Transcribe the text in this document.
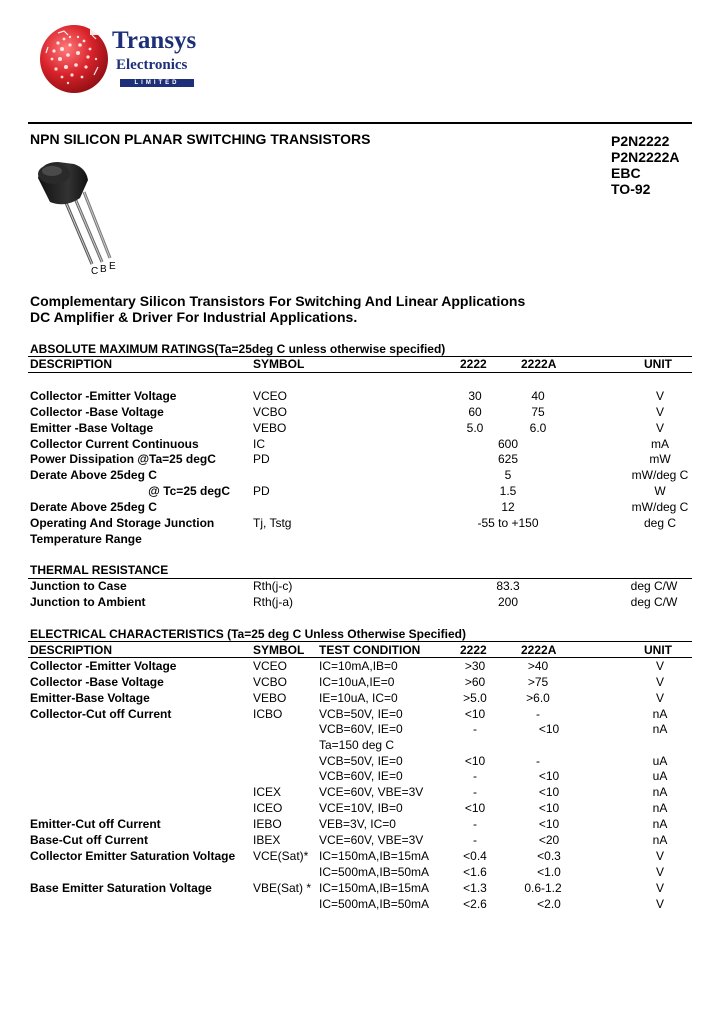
Transys
Electronics
LIMITED
NPN SILICON PLANAR SWITCHING TRANSISTORS	P2N2222
P2N2222A
EBC
TO-92
C B E
Complementary Silicon Transistors For Switching And Linear Applications
DC Amplifier & Driver For Industrial Applications.
ABSOLUTE MAXIMUM RATINGS(Ta=25deg C unless otherwise specified)
DESCRIPTION	SYMBOL	2222	2222A	UNIT
Collector -Emitter Voltage	VCEO	30	40	V
Collector -Base Voltage	VCBO	60	75	V
Emitter -Base Voltage	VEBO	5.0	6.0	V
Collector Current Continuous	IC	600	mA
Power Dissipation @Ta=25 degC	PD	625	mW
Derate Above 25deg C	5	mW/deg C
@ Tc=25 degC PD	1.5	W
Derate Above 25deg C	12	mW/deg C
Operating And Storage Junction	Tj, Tstg	-55 to +150	deg C
Temperature Range
THERMAL RESISTANCE
Junction to Case	Rth(j-c)	83.3	deg C/W
Junction to Ambient	Rth(j-a)	200	deg C/W
ELECTRICAL CHARACTERISTICS (Ta=25 deg C Unless Otherwise Specified)
DESCRIPTION	SYMBOL TEST CONDITION	2222	2222A	UNIT
Collector -Emitter Voltage	VCEO	IC=10mA,IB=0	>30	>40	V
Collector -Base Voltage	VCBO	IC=10uA,IE=0	>60	>75	V
Emitter-Base Voltage	VEBO	IE=10uA, IC=0	>5.0	>6.0	V
Collector-Cut off Current	ICBO	VCB=50V, IE=0	<10	-	nA
VCB=60V, IE=0	-	<10	nA
Ta=150 deg C
VCB=50V, IE=0	<10	-	uA
VCB=60V, IE=0	-	<10	uA
ICEX	VCE=60V, VBE=3V	-	<10	nA
ICEO	VCE=10V, IB=0	<10	<10	nA
Emitter-Cut off Current	IEBO	VEB=3V, IC=0	-	<10	nA
Base-Cut off Current	IBEX	VCE=60V, VBE=3V	-	<20	nA
Collector Emitter Saturation Voltage VCE(Sat)* IC=150mA,IB=15mA	<0.4	<0.3	V
IC=500mA,IB=50mA	<1.6	<1.0	V
Base Emitter Saturation Voltage	VBE(Sat) * IC=150mA,IB=15mA	<1.3	0.6-1.2	V
IC=500mA,IB=50mA	<2.6	<2.0	V
